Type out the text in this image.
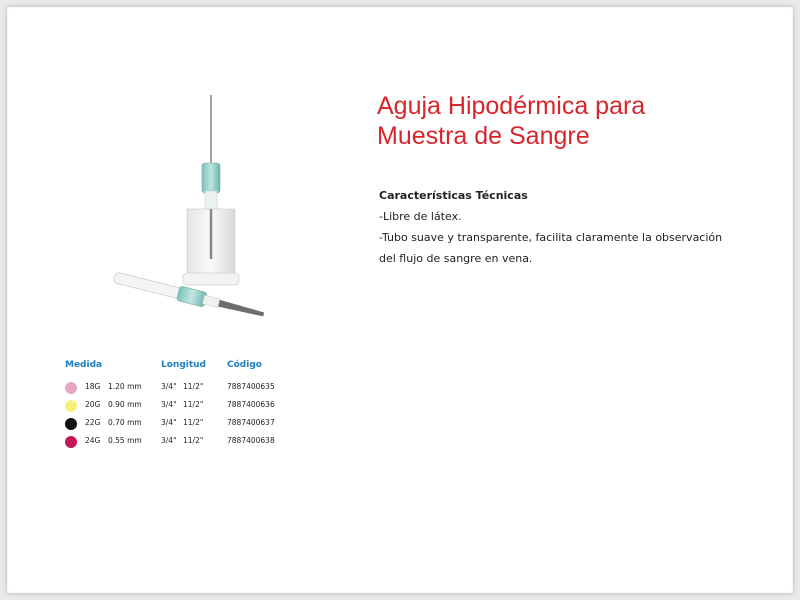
Aguja Hipodérmica para
Muestra de Sangre

Características Técnicas

-Libre de látex.

-Tubo suave y transparente, facilita claramente la observación

del flujo de sangre en vena.

Medida	Longitud Código
18G 1.20 mm	3/4" 11/2"	7887400635
20G 0.90 mm	3/4" 11/2"	7887400636
22G 0.70 mm	3/4" 11/2"	7887400637
24G 0.55 mm	3/4" 11/2"	7887400638
